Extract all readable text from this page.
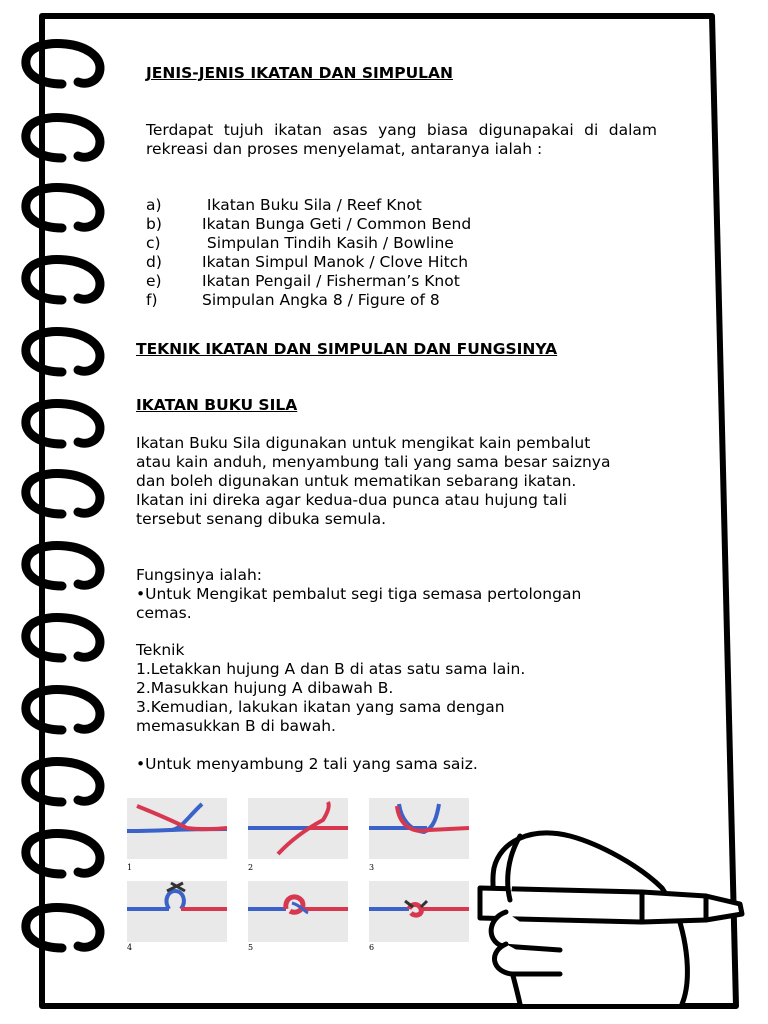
JENIS-JENIS IKATAN DAN SIMPULAN
Terdapat tujuh ikatan asas yang biasa digunapakai di dalam rekreasi dan proses menyelamat, antaranya ialah :
a)	Ikatan Buku Sila / Reef Knot
b)	Ikatan Bunga Geti / Common Bend
c)	Simpulan Tindih Kasih / Bowline
d)	Ikatan Simpul Manok / Clove Hitch
e)	Ikatan Pengail / Fisherman’s Knot
f)	Simpulan Angka 8 / Figure of 8
TEKNIK IKATAN DAN SIMPULAN DAN FUNGSINYA
IKATAN BUKU SILA
Ikatan Buku Sila digunakan untuk mengikat kain pembalut
atau kain anduh, menyambung tali yang sama besar saiznya
dan boleh digunakan untuk mematikan sebarang ikatan.
Ikatan ini direka agar kedua-dua punca atau hujung tali
tersebut senang dibuka semula.
Fungsinya ialah:
•Untuk Mengikat pembalut segi tiga semasa pertolongan
cemas.
Teknik
1.Letakkan hujung A dan B di atas satu sama lain.
2.Masukkan hujung A dibawah B.
3.Kemudian, lakukan ikatan yang sama dengan
memasukkan B di bawah.
•Untuk menyambung 2 tali yang sama saiz.
1	2	3
4	5	6
